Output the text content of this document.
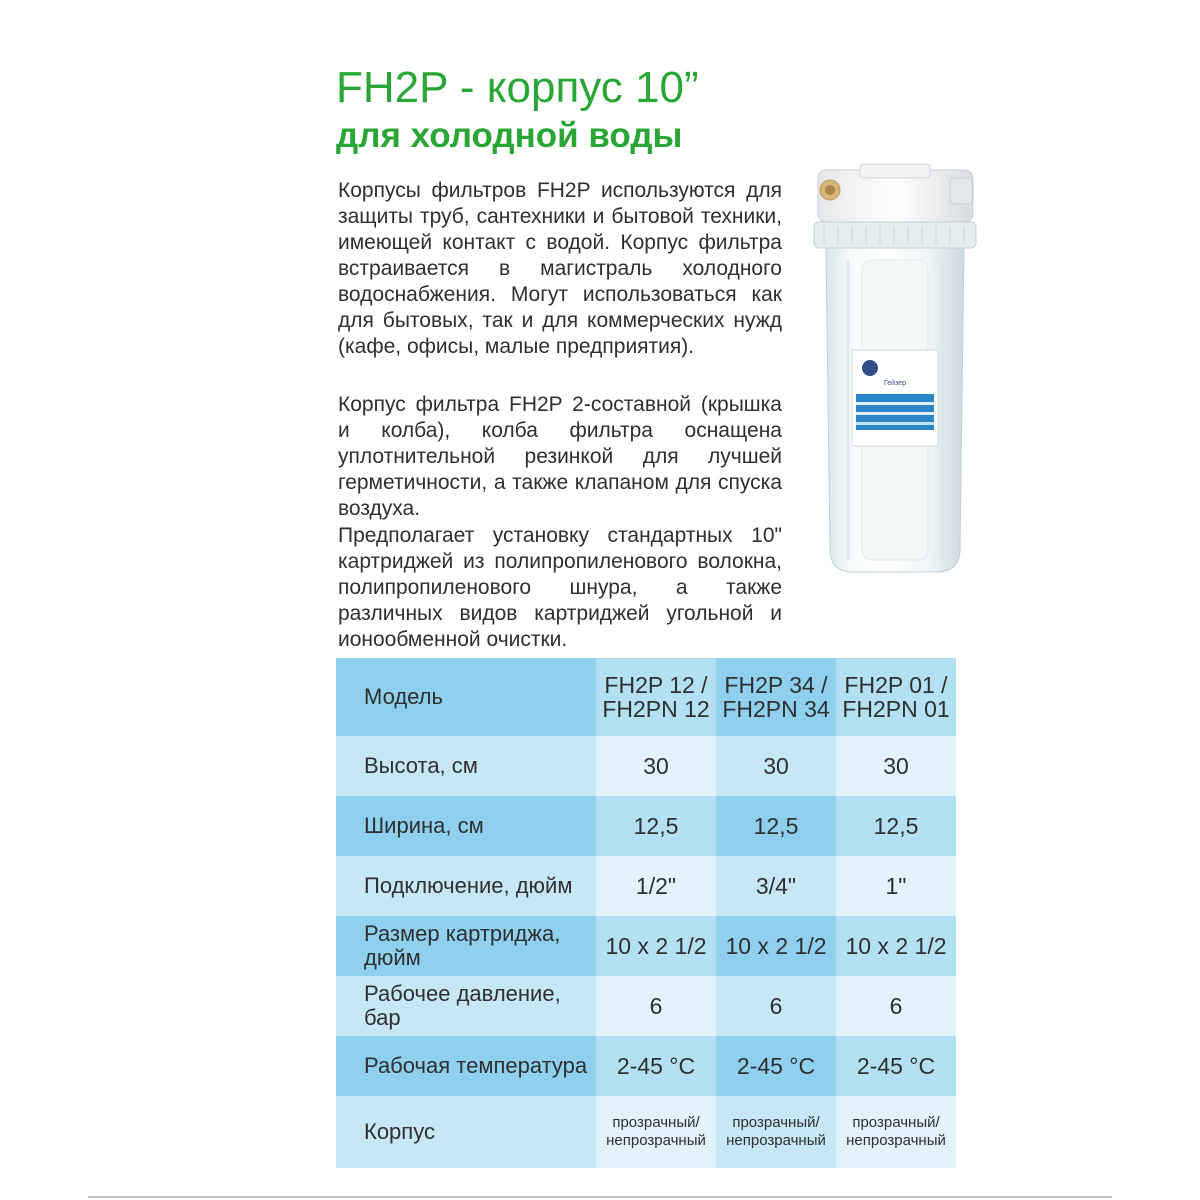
FH2P - корпус 10”
для холодной воды

Корпусы фильтров FH2P используются для защиты труб, сантехники и бытовой техники, имеющей контакт с водой. Корпус фильтра встраивается в магистраль холодного водоснабжения. Могут использоваться как для бытовых, так и для коммерческих нужд (кафе, офисы, малые предприятия).

Корпус фильтра FH2P 2-составной (крышка и колба), колба фильтра оснащена уплотнительной резинкой для лучшей герметичности, а также клапаном для спуска воздуха.

Предполагает установку стандартных 10" картриджей из полипропиленового волокна, полипропиленового шнура, а также различных видов картриджей угольной и ионообменной очистки.

Гейзер
Модель	FH2P 12 / FH2PN 12	FH2P 34 / FH2PN 34	FH2P 01 / FH2PN 01
Высота, см	30	30	30
Ширина, см	12,5	12,5	12,5
Подключение, дюйм	1/2"	3/4"	1"
Размер картриджа, дюйм	10 x 2 1/2	10 x 2 1/2	10 x 2 1/2
Рабочее давление, бар	6	6	6
Рабочая температура	2-45 °C	2-45 °C	2-45 °C
Корпус	прозрачный/ непрозрачный	прозрачный/ непрозрачный	прозрачный/ непрозрачный
